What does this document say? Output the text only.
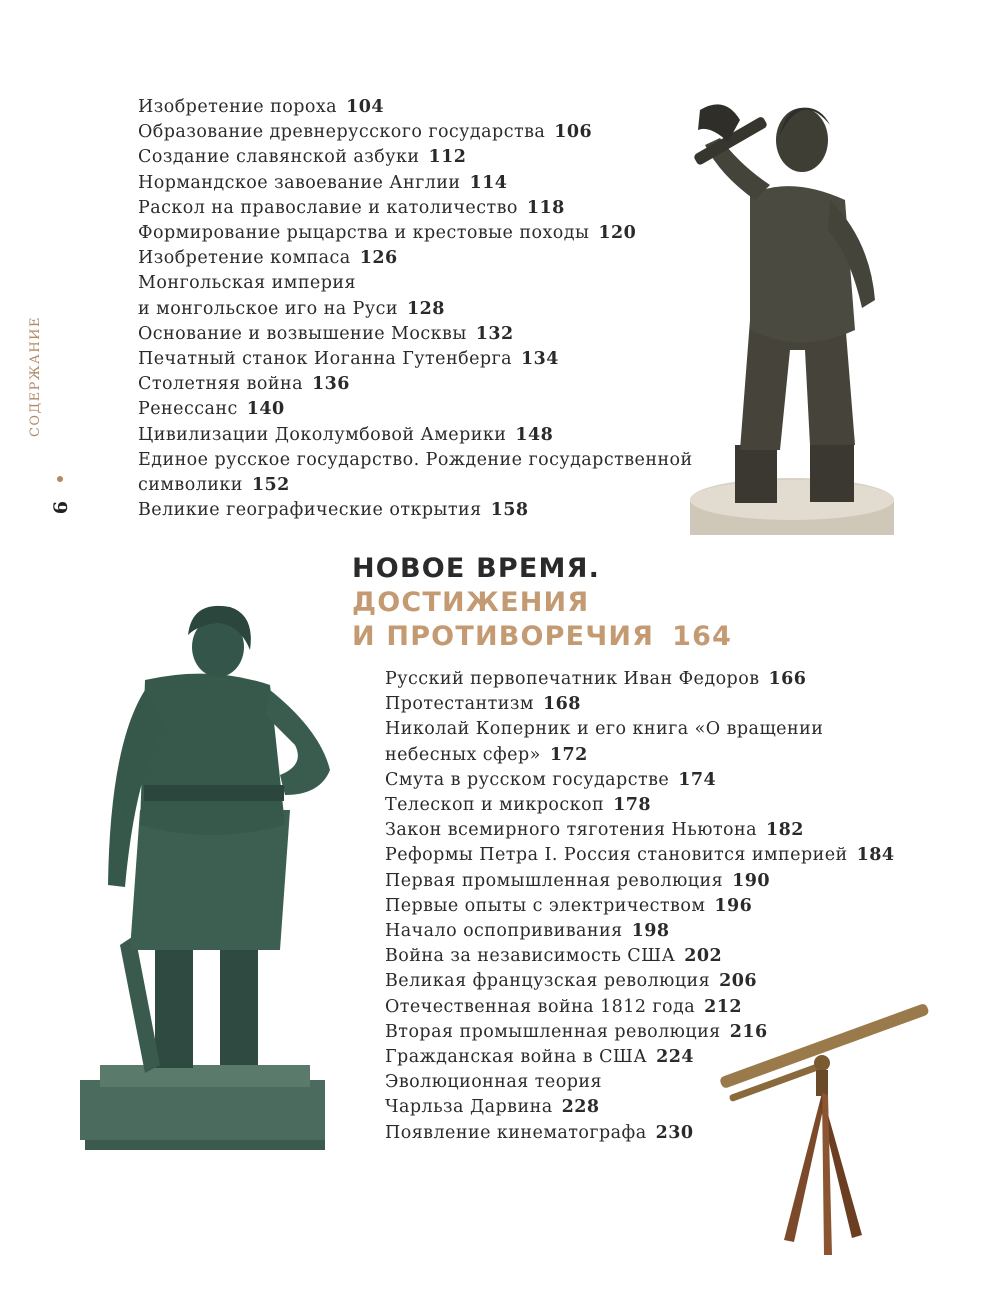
СОДЕРЖАНИЕ
6
Изобретение пороха 104
Образование древнерусского государства 106
Создание славянской азбуки 112
Нормандское завоевание Англии 114
Раскол на православие и католичество 118
Формирование рыцарства и крестовые походы 120
Изобретение компаса 126
Монгольская империя
и монгольское иго на Руси 128
Основание и возвышение Москвы 132
Печатный станок Иоганна Гутенберга 134
Столетняя война 136
Ренессанс 140
Цивилизации Доколумбовой Америки 148
Единое русское государство. Рождение государственной
символики 152
Великие географические открытия 158
НОВОЕ ВРЕМЯ.
ДОСТИЖЕНИЯ
И ПРОТИВОРЕЧИЯ 164
Русский первопечатник Иван Федоров 166
Протестантизм 168
Николай Коперник и его книга «О вращении
небесных сфер» 172
Смута в русском государстве 174
Телескоп и микроскоп 178
Закон всемирного тяготения Ньютона 182
Реформы Петра I. Россия становится империей 184
Первая промышленная революция 190
Первые опыты с электричеством 196
Начало оспопрививания 198
Война за независимость США 202
Великая французская революция 206
Отечественная война 1812 года 212
Вторая промышленная революция 216
Гражданская война в США 224
Эволюционная теория
Чарльза Дарвина 228
Появление кинематографа 230
